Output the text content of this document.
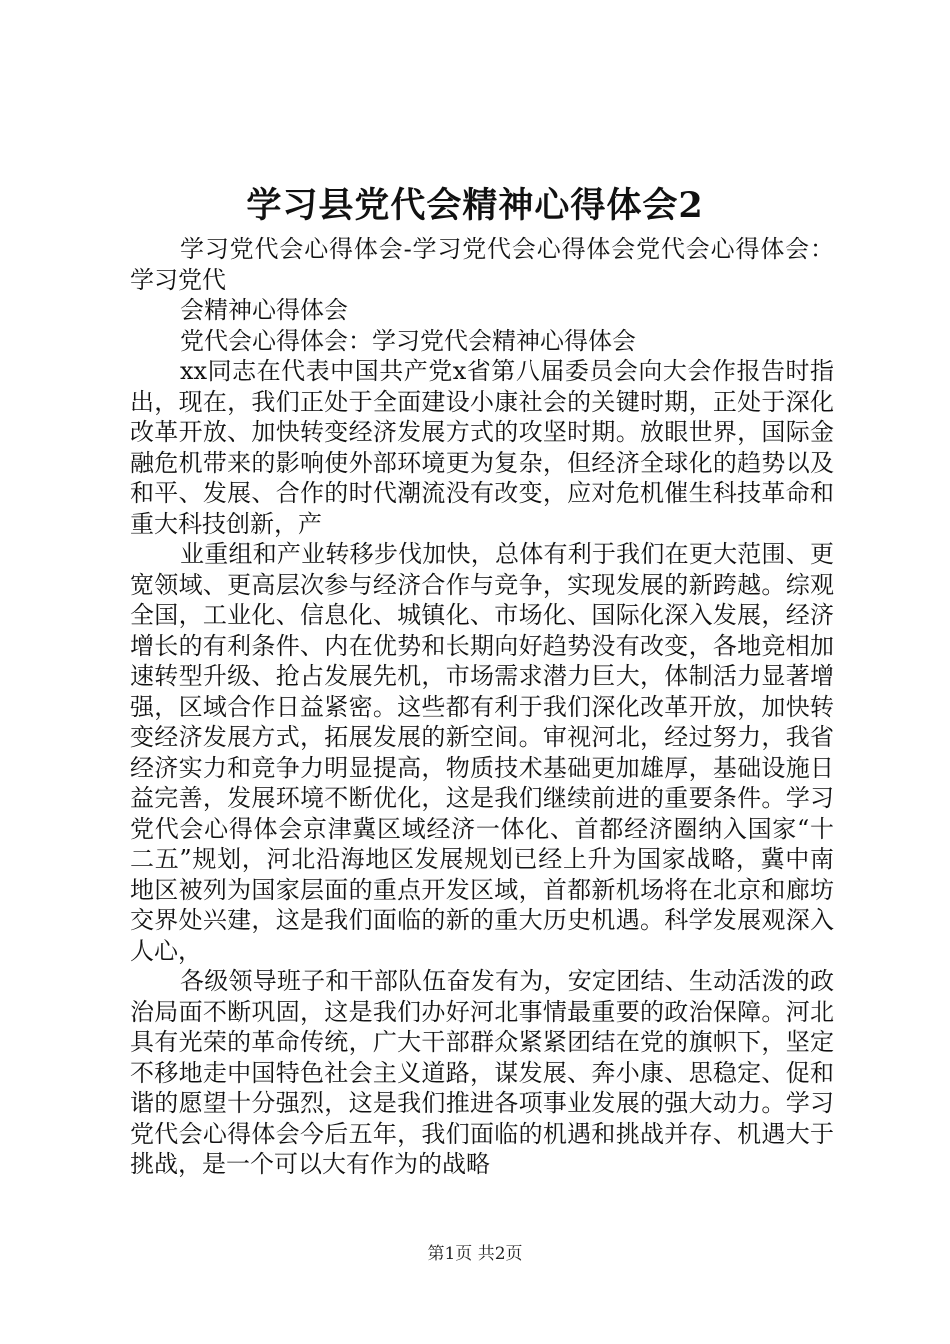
学习县党代会精神心得体会2

学习党代会心得体会-学习党代会心得体会党代会心得体会：学习党代

会精神心得体会

党代会心得体会：学习党代会精神心得体会

xx同志在代表中国共产党x省第八届委员会向大会作报告时指出，现在，我们正处于全面建设小康社会的关键时期，正处于深化改革开放、加快转变经济发展方式的攻坚时期。放眼世界，国际金融危机带来的影响使外部环境更为复杂，但经济全球化的趋势以及和平、发展、合作的时代潮流没有改变，应对危机催生科技革命和重大科技创新，产

业重组和产业转移步伐加快，总体有利于我们在更大范围、更宽领域、更高层次参与经济合作与竞争，实现发展的新跨越。综观全国，工业化、信息化、城镇化、市场化、国际化深入发展，经济增长的有利条件、内在优势和长期向好趋势没有改变，各地竞相加速转型升级、抢占发展先机，市场需求潜力巨大，体制活力显著增强，区域合作日益紧密。这些都有利于我们深化改革开放，加快转变经济发展方式，拓展发展的新空间。审视河北，经过努力，我省经济实力和竞争力明显提高，物质技术基础更加雄厚，基础设施日益完善，发展环境不断优化，这是我们继续前进的重要条件。学习党代会心得体会京津冀区域经济一体化、首都经济圈纳入国家“十二五”规划，河北沿海地区发展规划已经上升为国家战略，冀中南地区被列为国家层面的重点开发区域，首都新机场将在北京和廊坊交界处兴建，这是我们面临的新的重大历史机遇。科学发展观深入人心，

各级领导班子和干部队伍奋发有为，安定团结、生动活泼的政治局面不断巩固，这是我们办好河北事情最重要的政治保障。河北具有光荣的革命传统，广大干部群众紧紧团结在党的旗帜下，坚定不移地走中国特色社会主义道路，谋发展、奔小康、思稳定、促和谐的愿望十分强烈，这是我们推进各项事业发展的强大动力。学习党代会心得体会今后五年，我们面临的机遇和挑战并存、机遇大于挑战，是一个可以大有作为的战略

第1页 共2页
